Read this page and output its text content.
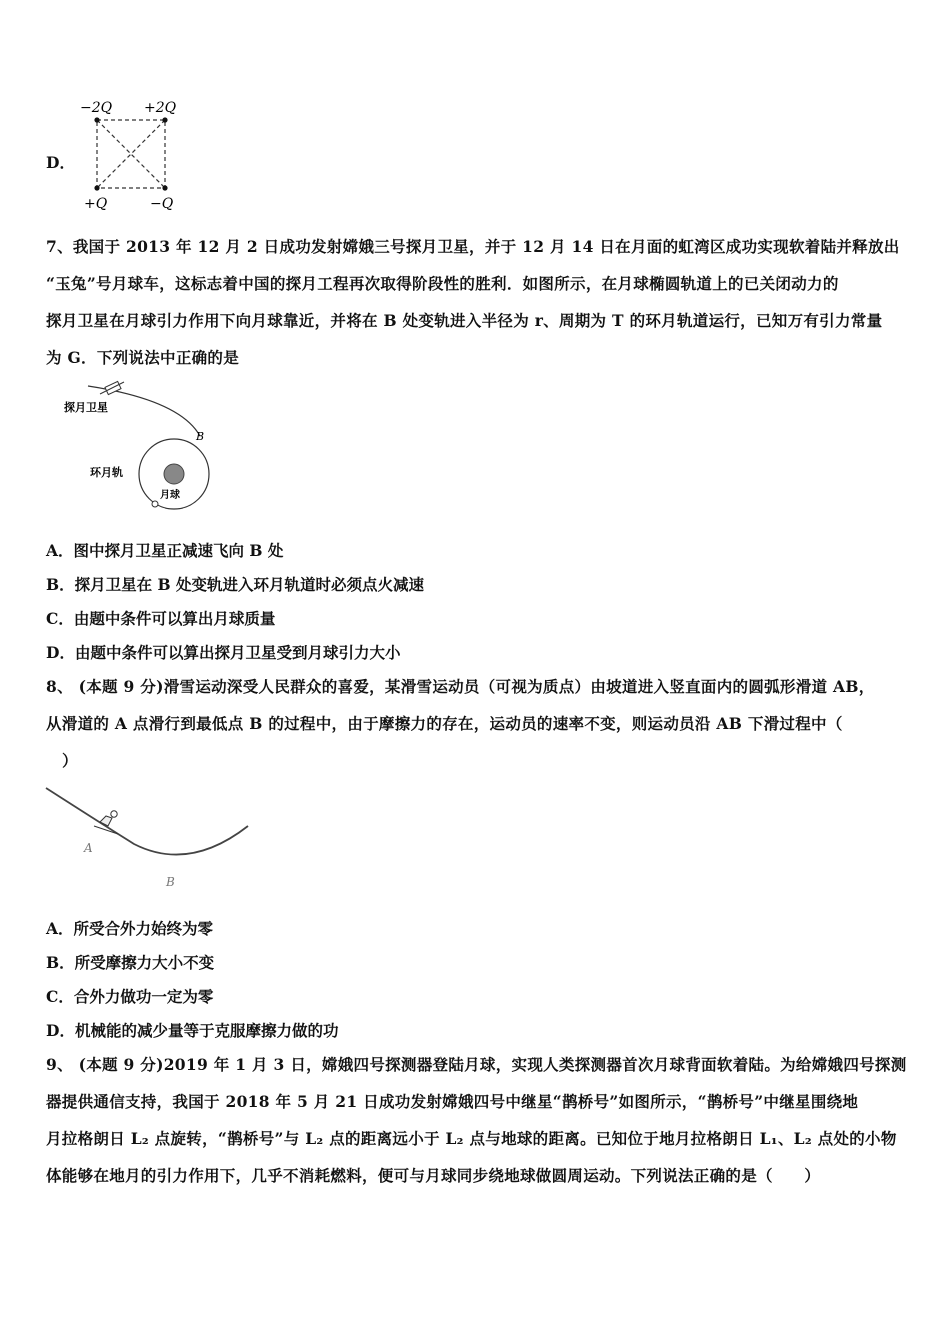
D．
−2Q +2Q
+Q	−Q
7、我国于 2013 年 12 月 2 日成功发射嫦娥三号探月卫星，并于 12 月 14 日在月面的虹湾区成功实现软着陆并释放出
“玉兔”号月球车，这标志着中国的探月工程再次取得阶段性的胜利．如图所示，在月球椭圆轨道上的已关闭动力的
探月卫星在月球引力作用下向月球靠近，并将在 B 处变轨进入半径为 r、周期为 T 的环月轨道运行，已知万有引力常量
为 G．下列说法中正确的是
探月卫星
B
月球
环月轨
A．图中探月卫星正减速飞向 B 处
B．探月卫星在 B 处变轨进入环月轨道时必须点火减速
C．由题中条件可以算出月球质量
D．由题中条件可以算出探月卫星受到月球引力大小
8、 (本题 9 分)滑雪运动深受人民群众的喜爱，某滑雪运动员（可视为质点）由坡道进入竖直面内的圆弧形滑道 AB，
从滑道的 A 点滑行到最低点 B 的过程中，由于摩擦力的存在，运动员的速率不变，则运动员沿 AB 下滑过程中（
）
A
B
A．所受合外力始终为零
B．所受摩擦力大小不变
C．合外力做功一定为零
D．机械能的减少量等于克服摩擦力做的功
9、 (本题 9 分)2019 年 1 月 3 日，嫦娥四号探测器登陆月球，实现人类探测器首次月球背面软着陆。为给嫦娥四号探测
器提供通信支持，我国于 2018 年 5 月 21 日成功发射嫦娥四号中继星“鹊桥号”如图所示，“鹊桥号”中继星围绕地
月拉格朗日 L₂ 点旋转，“鹊桥号”与 L₂ 点的距离远小于 L₂ 点与地球的距离。已知位于地月拉格朗日 L₁、L₂ 点处的小物
体能够在地月的引力作用下，几乎不消耗燃料，便可与月球同步绕地球做圆周运动。下列说法正确的是（　　）
